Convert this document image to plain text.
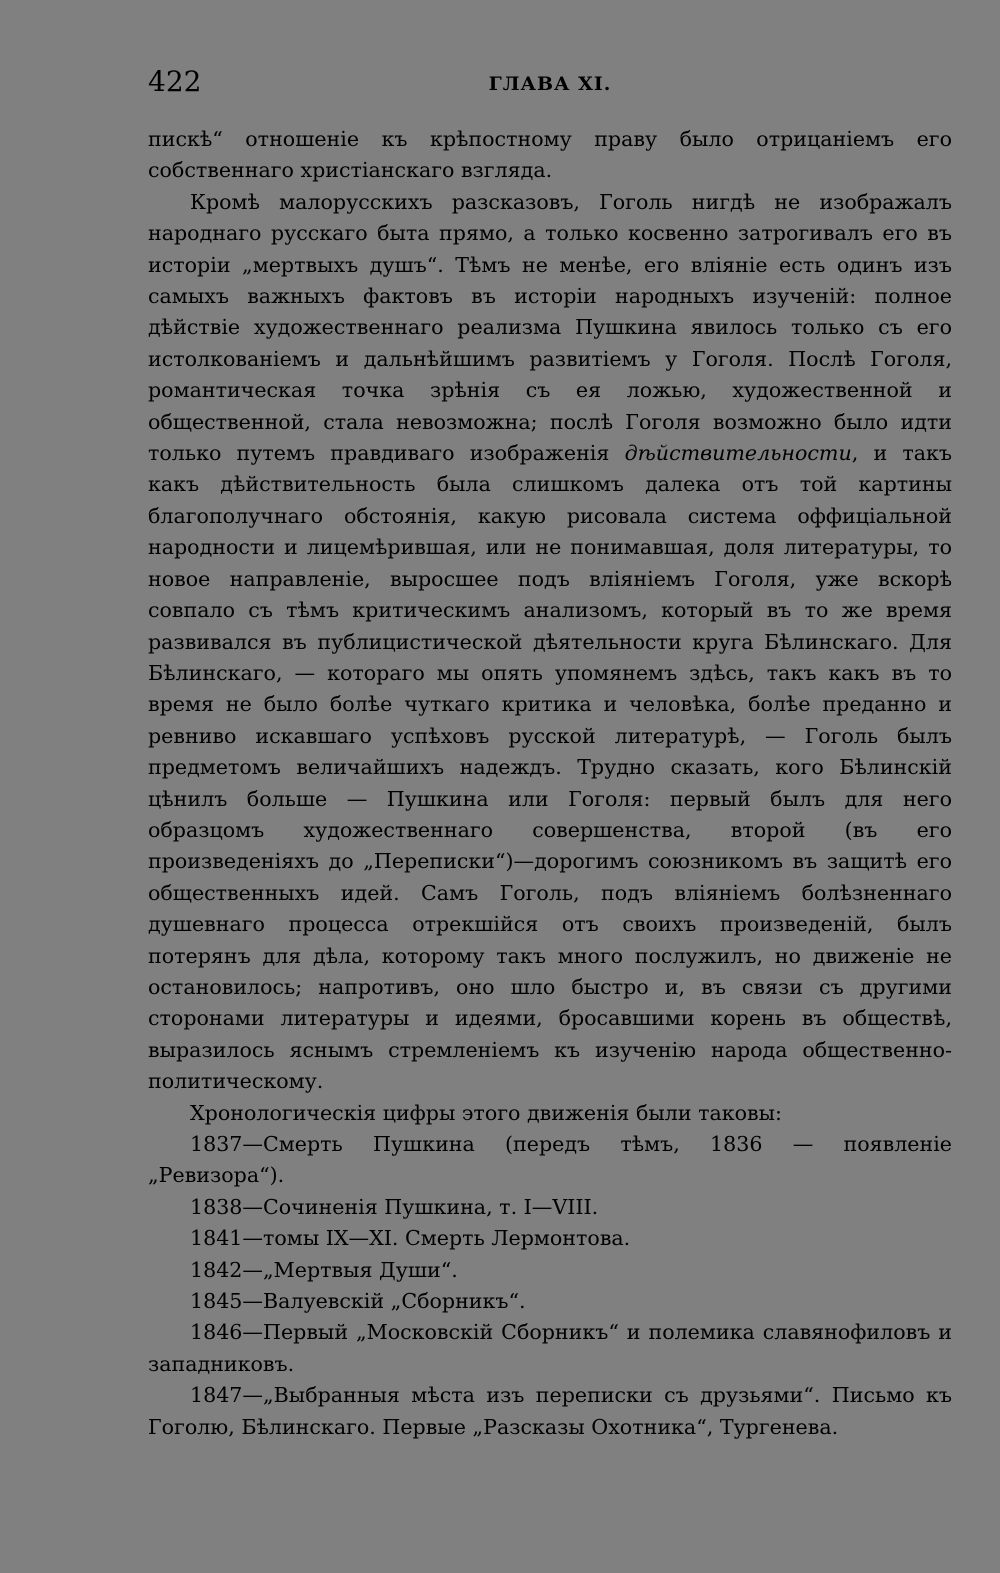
422	ГЛАВА XI.

пискѣ“ отношенiе къ крѣпостному праву было отрицанiемъ его собственнаго христiанскаго взгляда.

Кромѣ малорусскихъ разсказовъ, Гоголь нигдѣ не изображалъ народнаго русскаго быта прямо, а только косвенно затрогивалъ его въ исторiи „мертвыхъ душъ“. Тѣмъ не менѣе, его влiянiе есть одинъ изъ самыхъ важныхъ фактовъ въ исторiи народныхъ изученiй: полное дѣйствiе художественнаго реализма Пушкина явилось только съ его истолкованiемъ и дальнѣйшимъ развитiемъ у Гоголя. Послѣ Гоголя, романтическая точка зрѣнiя съ ея ложью, художественной и общественной, стала невозможна; послѣ Гоголя возможно было идти только путемъ правдиваго изображенiя дѣйствительности, и такъ какъ дѣйствительность была слишкомъ далека отъ той картины благополучнаго обстоянiя, какую рисовала система оффицiальной народности и лицемѣрившая, или не понимавшая, доля литературы, то новое направленiе, выросшее подъ влiянiемъ Гоголя, уже вскорѣ совпало съ тѣмъ критическимъ анализомъ, который въ то же время развивался въ публицистической дѣятельности круга Бѣлинскаго. Для Бѣлинскаго, — котораго мы опять упомянемъ здѣсь, такъ какъ въ то время не было болѣе чуткаго критика и человѣка, болѣе преданно и ревниво искавшаго успѣховъ русской литературѣ, — Гоголь былъ предметомъ величайшихъ надеждъ. Трудно сказать, кого Бѣлинскiй цѣнилъ больше — Пушкина или Гоголя: первый былъ для него образцомъ художественнаго совершенства, второй (въ его произведенiяхъ до „Переписки“)—дорогимъ союзникомъ въ защитѣ его общественныхъ идей. Самъ Гоголь, подъ влiянiемъ болѣзненнаго душевнаго процесса отрекшiйся отъ своихъ произведенiй, былъ потерянъ для дѣла, которому такъ много послужилъ, но движенiе не остановилось; напротивъ, оно шло быстро и, въ связи съ другими сторонами литературы и идеями, бросавшими корень въ обществѣ, выразилось яснымъ стремленiемъ къ изученiю народа общественно-политическому.

Хронологическiя цифры этого движенiя были таковы:

1837—Смерть Пушкина (передъ тѣмъ, 1836 — появленiе „Ревизора“).

1838—Сочиненiя Пушкина, т. I—VIII.

1841—томы IX—XI. Смерть Лермонтова.

1842—„Мертвыя Души“.

1845—Валуевскiй „Сборникъ“.

1846—Первый „Московскiй Сборникъ“ и полемика славянофиловъ и западниковъ.

1847—„Выбранныя мѣста изъ переписки съ друзьями“. Письмо къ Гоголю, Бѣлинскаго. Первые „Разсказы Охотника“, Тургенева.
